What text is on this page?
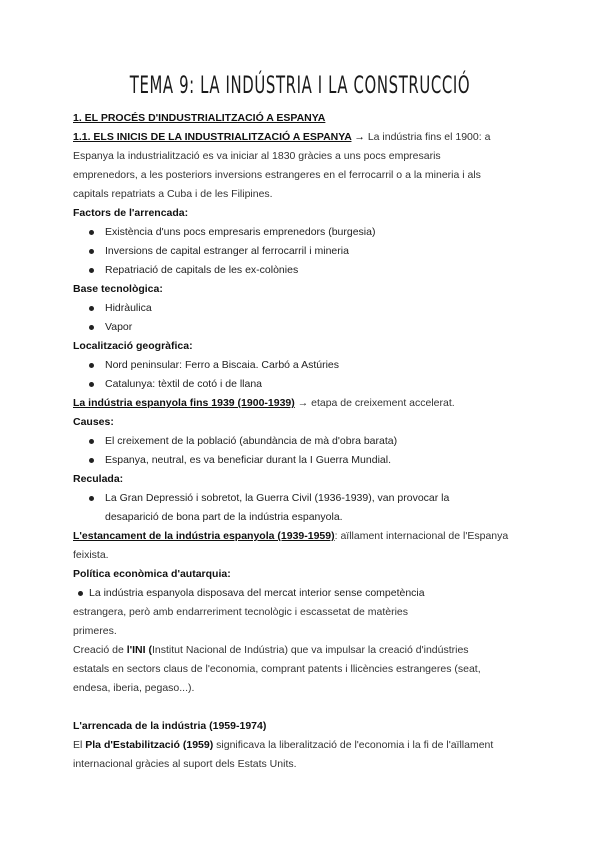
TEMA 9: LA INDÚSTRIA I LA CONSTRUCCIÓ
1. EL PROCÉS D'INDUSTRIALITZACIÓ A ESPANYA
1.1. ELS INICIS DE LA INDUSTRIALITZACIÓ A ESPANYA → La indústria fins el 1900: a
Espanya la industrialització es va iniciar al 1830 gràcies a uns pocs empresaris
emprenedors, a les posteriors inversions estrangeres en el ferrocarril o a la mineria i als
capitals repatriats a Cuba i de les Filipines.
Factors de l'arrencada:
Existència d'uns pocs empresaris emprenedors (burgesia)
Inversions de capital estranger al ferrocarril i mineria
Repatriació de capitals de les ex-colònies
Base tecnològica:
Hidràulica
Vapor
Localització geogràfica:
Nord peninsular: Ferro a Biscaia. Carbó a Astúries
Catalunya: tèxtil de cotó i de llana
La indústria espanyola fins 1939 (1900-1939) → etapa de creixement accelerat.
Causes:
El creixement de la població (abundància de mà d'obra barata)
Espanya, neutral, es va beneficiar durant la I Guerra Mundial.
Reculada:
La Gran Depressió i sobretot, la Guerra Civil (1936-1939), van provocar la
desaparició de bona part de la indústria espanyola.
L'estancament de la indústria espanyola (1939-1959): aïllament internacional de l'Espanya
feixista.
Política econòmica d'autarquia:
La indústria espanyola disposava del mercat interior sense competència
estrangera, però amb endarreriment tecnològic i escassetat de matèries
primeres.
Creació de l'INI (Institut Nacional de Indústria) que va impulsar la creació d'indústries
estatals en sectors claus de l'economia, comprant patents i llicències estrangeres (seat,
endesa, iberia, pegaso...).
L'arrencada de la indústria (1959-1974)
El Pla d'Estabilització (1959) significava la liberalització de l'economia i la fi de l'aïllament
internacional gràcies al suport dels Estats Units.
